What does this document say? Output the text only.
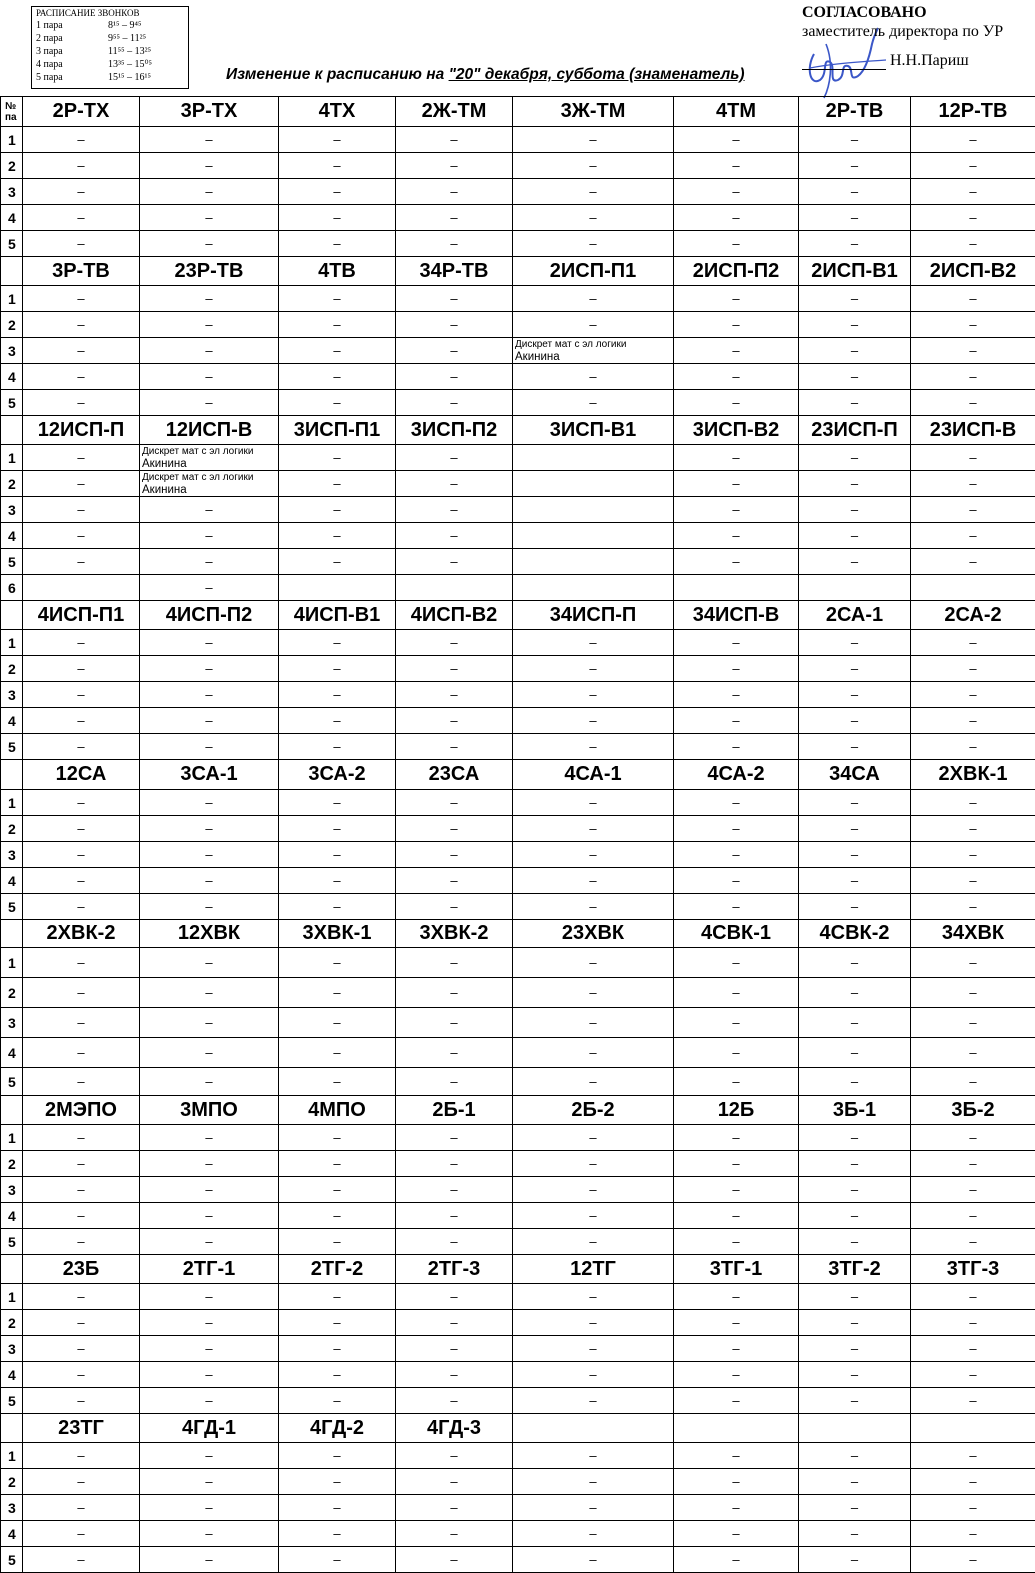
РАСПИСАНИЕ ЗВОНКОВ
1 пара	8¹⁵ – 9⁴⁵
2 пара	9⁵⁵ – 11²⁵
3 пара	11⁵⁵ – 13²⁵
4 пара	13³⁵ – 15⁰⁵
5 пара	15¹⁵ – 16¹⁵	Изменение к расписанию на "20" декабря, суббота (знаменатель)
СОГЛАСОВАНО
заместитель директора по УР
Н.Н.Париш
№
па	2Р-ТХ	3Р-ТХ	4ТХ	2Ж-ТМ	3Ж-ТМ	4ТМ	2Р-ТВ	12Р-ТВ
1	–	–	–	–	–	–	–	–
2	–	–	–	–	–	–	–	–
3	–	–	–	–	–	–	–	–
4	–	–	–	–	–	–	–	–
5	–	–	–	–	–	–	–	–
	3Р-ТВ	23Р-ТВ	4ТВ	34Р-ТВ	2ИСП-П1	2ИСП-П2	2ИСП-В1	2ИСП-В2
1	–	–	–	–	–	–	–	–
2	–	–	–	–	–	–	–	–
3	–	–	–	–	Дискрет мат с эл логики
Акинина	–	–	–
4	–	–	–	–	–	–	–	–
5	–	–	–	–	–	–	–	–
	12ИСП-П	12ИСП-В	3ИСП-П1	3ИСП-П2	3ИСП-В1	3ИСП-В2	23ИСП-П	23ИСП-В
1	–	Дискрет мат с эл логики
Акинина	–	–		–	–	–
2	–	Дискрет мат с эл логики
Акинина	–	–		–	–	–
3	–	–	–	–		–	–	–
4	–	–	–	–		–	–	–
5	–	–	–	–		–	–	–
6		–						
	4ИСП-П1	4ИСП-П2	4ИСП-В1	4ИСП-В2	34ИСП-П	34ИСП-В	2СА-1	2СА-2
1	–	–	–	–	–	–	–	–
2	–	–	–	–	–	–	–	–
3	–	–	–	–	–	–	–	–
4	–	–	–	–	–	–	–	–
5	–	–	–	–	–	–	–	–
	12СА	3СА-1	3СА-2	23СА	4СА-1	4СА-2	34СА	2ХВК-1
1	–	–	–	–	–	–	–	–
2	–	–	–	–	–	–	–	–
3	–	–	–	–	–	–	–	–
4	–	–	–	–	–	–	–	–
5	–	–	–	–	–	–	–	–
	2ХВК-2	12ХВК	3ХВК-1	3ХВК-2	23ХВК	4СВК-1	4СВК-2	34ХВК
1	–	–	–	–	–	–	–	–
2	–	–	–	–	–	–	–	–
3	–	–	–	–	–	–	–	–
4	–	–	–	–	–	–	–	–
5	–	–	–	–	–	–	–	–
	2МЭПО	3МПО	4МПО	2Б-1	2Б-2	12Б	3Б-1	3Б-2
1	–	–	–	–	–	–	–	–
2	–	–	–	–	–	–	–	–
3	–	–	–	–	–	–	–	–
4	–	–	–	–	–	–	–	–
5	–	–	–	–	–	–	–	–
	23Б	2ТГ-1	2ТГ-2	2ТГ-3	12ТГ	3ТГ-1	3ТГ-2	3ТГ-3
1	–	–	–	–	–	–	–	–
2	–	–	–	–	–	–	–	–
3	–	–	–	–	–	–	–	–
4	–	–	–	–	–	–	–	–
5	–	–	–	–	–	–	–	–
	23ТГ	4ГД-1	4ГД-2	4ГД-3				
1	–	–	–	–	–	–	–	–
2	–	–	–	–	–	–	–	–
3	–	–	–	–	–	–	–	–
4	–	–	–	–	–	–	–	–
5	–	–	–	–	–	–	–	–
